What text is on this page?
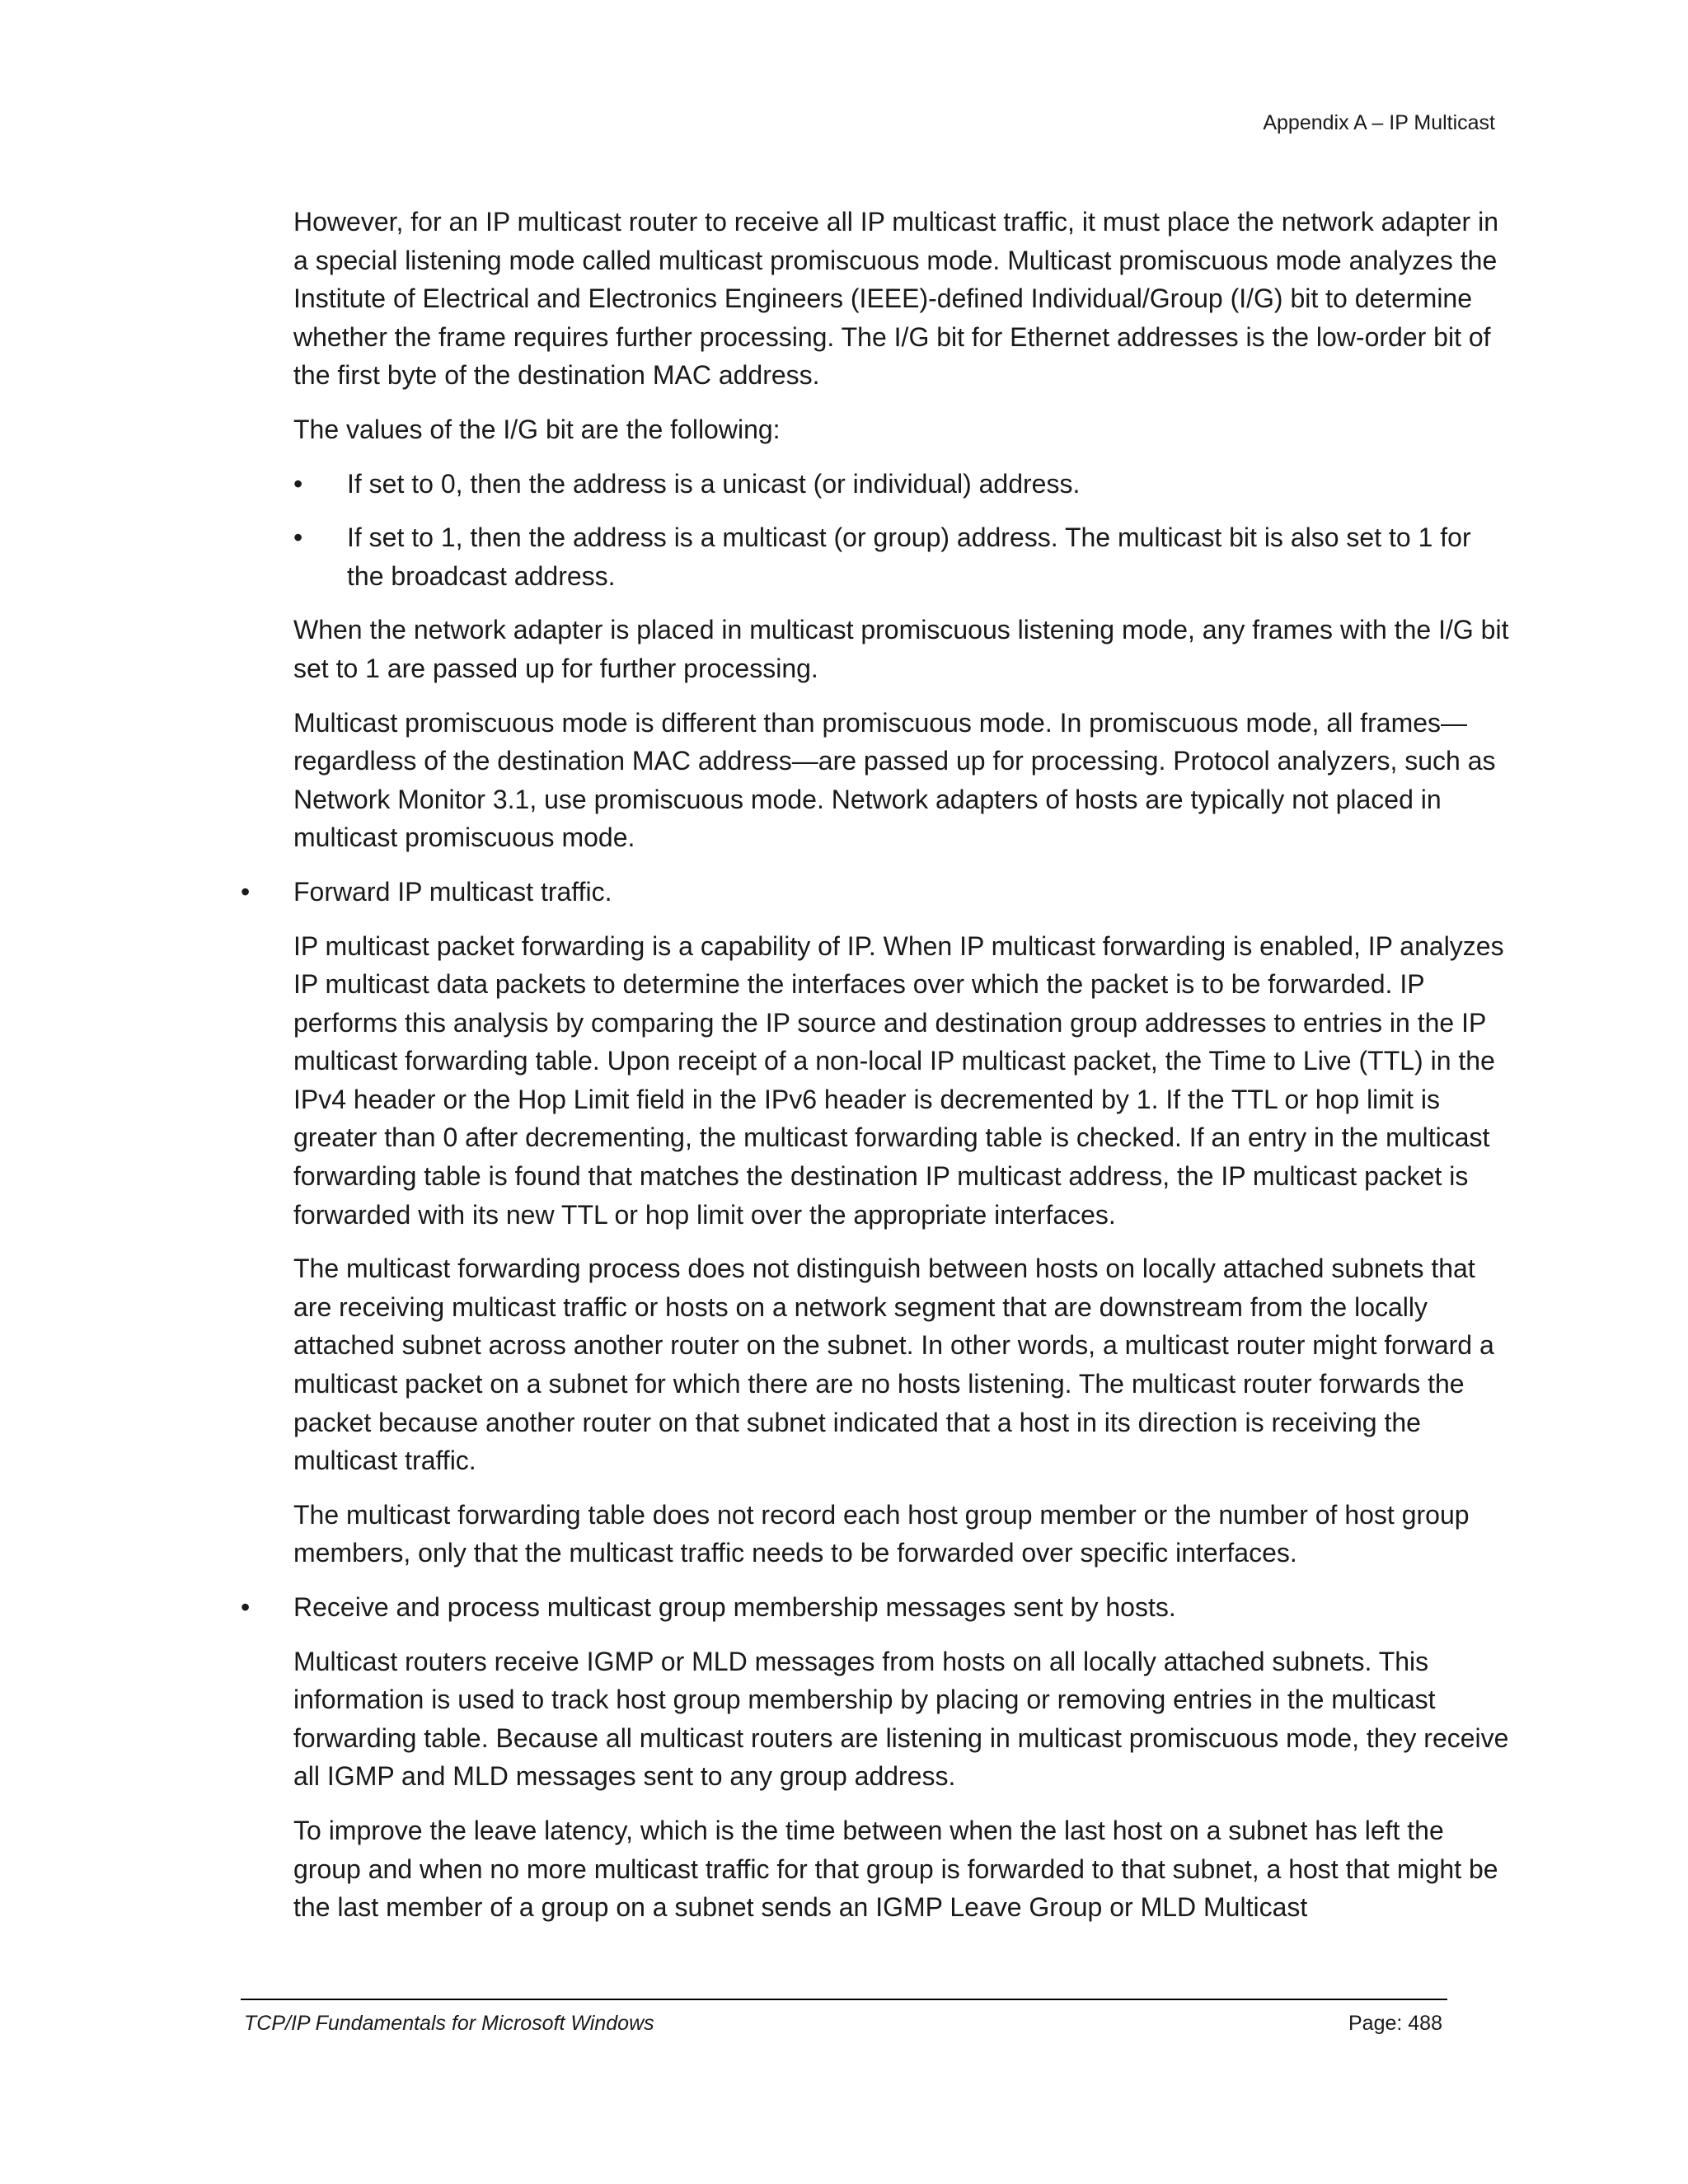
Appendix A – IP Multicast

However, for an IP multicast router to receive all IP multicast traffic, it must place the network adapter in a special listening mode called multicast promiscuous mode. Multicast promiscuous mode analyzes the Institute of Electrical and Electronics Engineers (IEEE)-defined Individual/Group (I/G) bit to determine whether the frame requires further processing. The I/G bit for Ethernet addresses is the low-order bit of the first byte of the destination MAC address.

The values of the I/G bit are the following:

• If set to 0, then the address is a unicast (or individual) address.
• If set to 1, then the address is a multicast (or group) address. The multicast bit is also set to 1 for the broadcast address.

When the network adapter is placed in multicast promiscuous listening mode, any frames with the I/G bit set to 1 are passed up for further processing.

Multicast promiscuous mode is different than promiscuous mode. In promiscuous mode, all frames—regardless of the destination MAC address—are passed up for processing. Protocol analyzers, such as Network Monitor 3.1, use promiscuous mode. Network adapters of hosts are typically not placed in multicast promiscuous mode.

• Forward IP multicast traffic.

IP multicast packet forwarding is a capability of IP. When IP multicast forwarding is enabled, IP analyzes IP multicast data packets to determine the interfaces over which the packet is to be forwarded. IP performs this analysis by comparing the IP source and destination group addresses to entries in the IP multicast forwarding table. Upon receipt of a non-local IP multicast packet, the Time to Live (TTL) in the IPv4 header or the Hop Limit field in the IPv6 header is decremented by 1. If the TTL or hop limit is greater than 0 after decrementing, the multicast forwarding table is checked. If an entry in the multicast forwarding table is found that matches the destination IP multicast address, the IP multicast packet is forwarded with its new TTL or hop limit over the appropriate interfaces.

The multicast forwarding process does not distinguish between hosts on locally attached subnets that are receiving multicast traffic or hosts on a network segment that are downstream from the locally attached subnet across another router on the subnet. In other words, a multicast router might forward a multicast packet on a subnet for which there are no hosts listening. The multicast router forwards the packet because another router on that subnet indicated that a host in its direction is receiving the multicast traffic.

The multicast forwarding table does not record each host group member or the number of host group members, only that the multicast traffic needs to be forwarded over specific interfaces.

• Receive and process multicast group membership messages sent by hosts.

Multicast routers receive IGMP or MLD messages from hosts on all locally attached subnets. This information is used to track host group membership by placing or removing entries in the multicast forwarding table. Because all multicast routers are listening in multicast promiscuous mode, they receive all IGMP and MLD messages sent to any group address.

To improve the leave latency, which is the time between when the last host on a subnet has left the group and when no more multicast traffic for that group is forwarded to that subnet, a host that might be the last member of a group on a subnet sends an IGMP Leave Group or MLD Multicast

TCP/IP Fundamentals for Microsoft Windows	Page: 488
